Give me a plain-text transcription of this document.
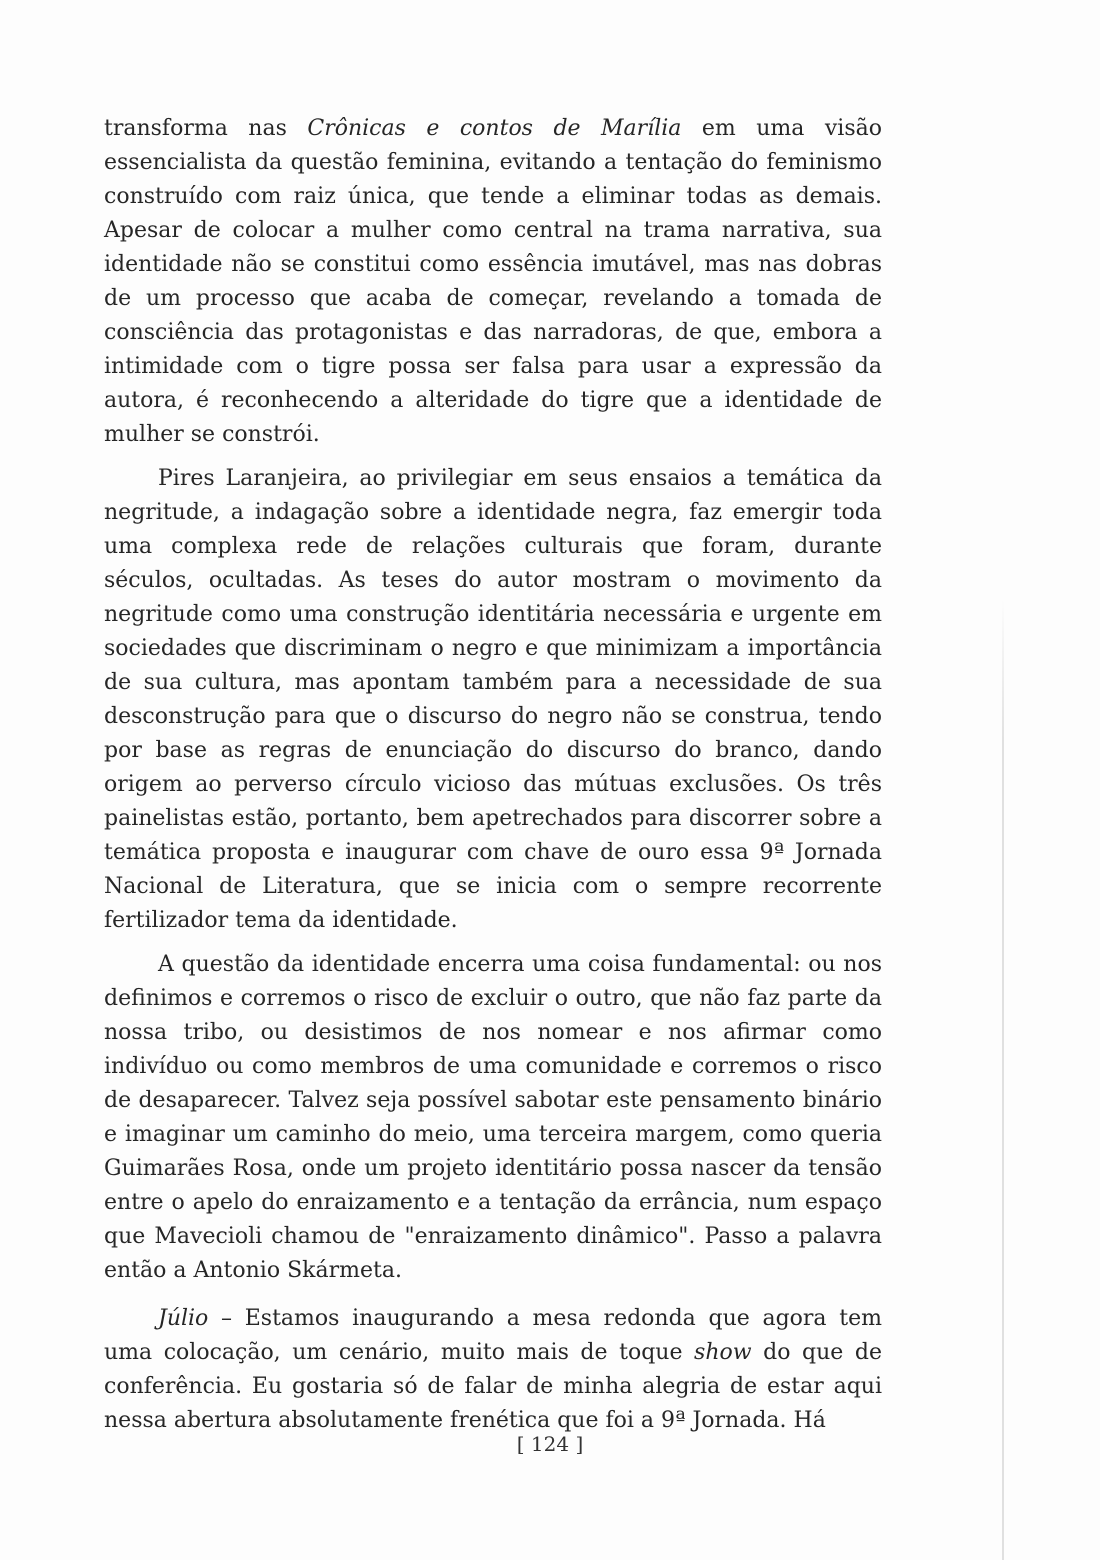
transforma nas Crônicas e contos de Marília em uma visão essencialista da questão feminina, evitando a tentação do feminismo construído com raiz única, que tende a eliminar todas as demais. Apesar de colocar a mulher como central na trama narrativa, sua identidade não se constitui como essência imutável, mas nas dobras de um processo que acaba de começar, revelando a tomada de consciência das protagonistas e das narradoras, de que, embora a intimidade com o tigre possa ser falsa para usar a expressão da autora, é reconhecendo a alteridade do tigre que a identidade de mulher se constrói.

Pires Laranjeira, ao privilegiar em seus ensaios a temática da negritude, a indagação sobre a identidade negra, faz emergir toda uma complexa rede de relações culturais que foram, durante séculos, ocultadas. As teses do autor mostram o movimento da negritude como uma construção identitária necessária e urgente em sociedades que discriminam o negro e que minimizam a importância de sua cultura, mas apontam também para a necessidade de sua desconstrução para que o discurso do negro não se construa, tendo por base as regras de enunciação do discurso do branco, dando origem ao perverso círculo vicioso das mútuas exclusões. Os três painelistas estão, portanto, bem apetrechados para discorrer sobre a temática proposta e inaugurar com chave de ouro essa 9ª Jornada Nacional de Literatura, que se inicia com o sempre recorrente fertilizador tema da identidade.

A questão da identidade encerra uma coisa fundamental: ou nos definimos e corremos o risco de excluir o outro, que não faz parte da nossa tribo, ou desistimos de nos nomear e nos afirmar como indivíduo ou como membros de uma comunidade e corremos o risco de desaparecer. Talvez seja possível sabotar este pensamento binário e imaginar um caminho do meio, uma terceira margem, como queria Guimarães Rosa, onde um projeto identitário possa nascer da tensão entre o apelo do enraizamento e a tentação da errância, num espaço que Mavecioli chamou de "enraizamento dinâmico". Passo a palavra então a Antonio Skármeta.

Júlio – Estamos inaugurando a mesa redonda que agora tem uma colocação, um cenário, muito mais de toque show do que de conferência. Eu gostaria só de falar de minha alegria de estar aqui nessa abertura absolutamente frenética que foi a 9ª Jornada. Há

[ 124 ]
